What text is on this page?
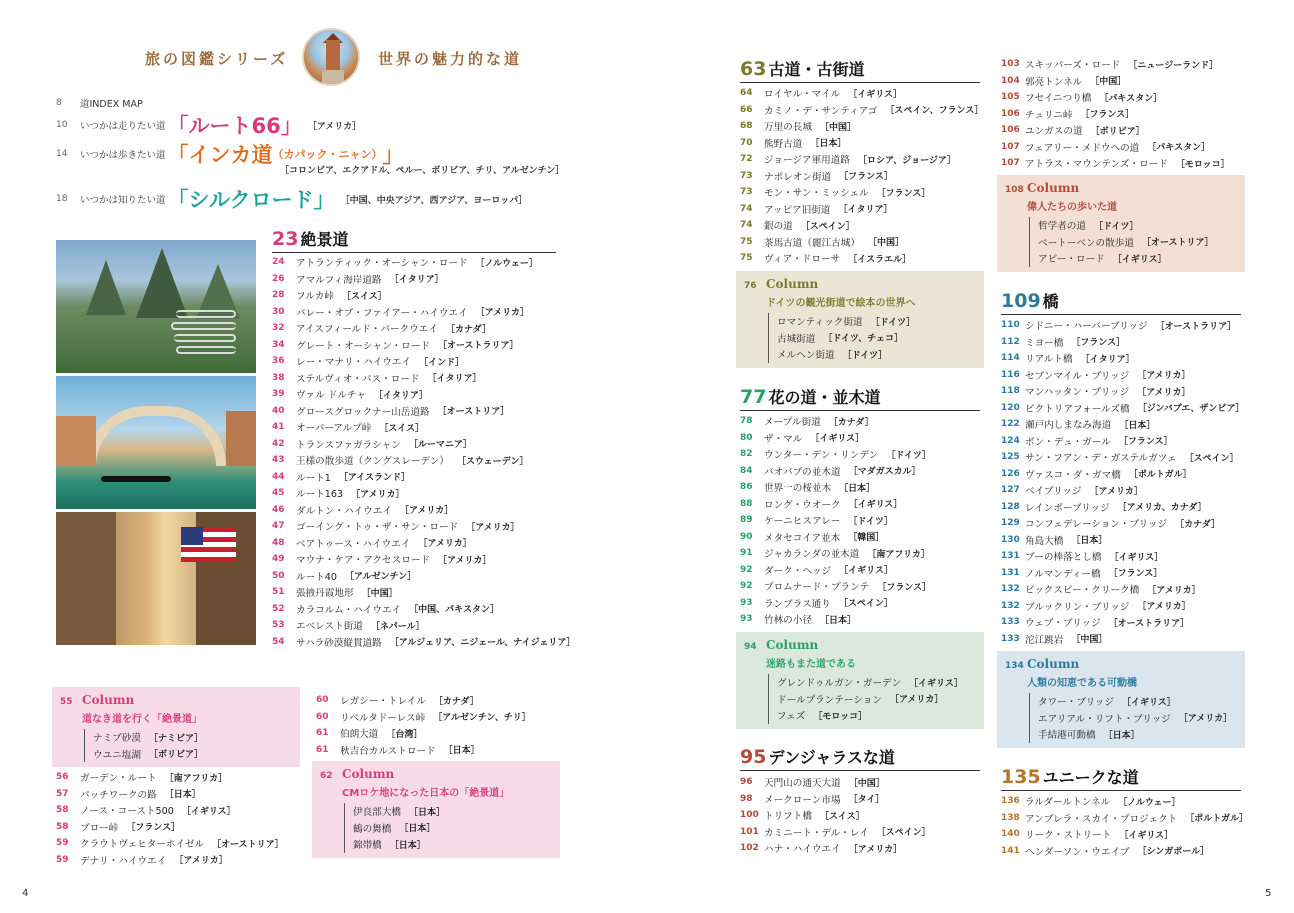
旅の図鑑シリーズ	世界の魅力的な道
8	道INDEX MAP
10	いつかは走りたい道 「ルート66」 ［アメリカ］
14	いつかは歩きたい道 「インカ道 （カパック・ニャン） 」
［コロンビア、エクアドル、ペルー、ボリビア、チリ、アルゼンチン］
18	いつかは知りたい道 「シルクロード」 ［中国、中央アジア、西アジア、ヨーロッパ］
23 絶景道
24	アトランティック・オーシャン・ロード ［ノルウェー］
26	アマルフィ海岸道路 ［イタリア］
28	フルカ峠 ［スイス］
30	バレー・オブ・ファイアー・ハイウエイ ［アメリカ］
32	アイスフィールド・パークウエイ ［カナダ］
34	グレート・オーシャン・ロード ［オーストラリア］
36	レー・マナリ・ハイウエイ ［インド］
38	ステルヴィオ・パス・ロード ［イタリア］
39	ヴァル ドルチャ ［イタリア］
40	グロースグロックナー山岳道路 ［オーストリア］
41	オーバーアルプ峠 ［スイス］
42	トランスファガラシャン ［ルーマニア］
43	王様の散歩道（クングスレーデン） ［スウェーデン］
44	ルート1 ［アイスランド］
45	ルート163 ［アメリカ］
46	ダルトン・ハイウエイ ［アメリカ］
47	ゴーイング・トゥ・ザ・サン・ロード ［アメリカ］
48	ベアトゥース・ハイウエイ ［アメリカ］
49	マウナ・ケア・アクセスロード ［アメリカ］
50	ルート40 ［アルゼンチン］
51	張掖丹霞地形 ［中国］
52	カラコルム・ハイウエイ ［中国、パキスタン］
53	エベレスト街道 ［ネパール］
54	サハラ砂漠縦貫道路 ［アルジェリア、ニジェール、ナイジェリア］
55 Column
道なき道を行く「絶景道」
ナミブ砂漠 ［ナミビア］
ウユニ塩湖 ［ボリビア］
56	ガーデン・ルート ［南アフリカ］
57	パッチワークの路 ［日本］
58	ノース・コースト500 ［イギリス］
58	ブロー峠 ［フランス］
59	クラウトヴェヒターホイゼル ［オーストリア］
59	デナリ・ハイウエイ ［アメリカ］
60	レガシー・トレイル ［カナダ］
60	リベルタドーレス峠 ［アルゼンチン、チリ］
61	伯朗大道 ［台湾］
61	秋吉台カルストロード ［日本］
62 Column
CMロケ地になった日本の「絶景道」
伊良部大橋 ［日本］
鶴の舞橋 ［日本］
錦帯橋 ［日本］
4
63 古道・古街道
64	ロイヤル・マイル ［イギリス］
66	カミノ・デ・サンティアゴ ［スペイン、フランス］
68	万里の長城 ［中国］
70	熊野古道 ［日本］
72	ジョージア軍用道路 ［ロシア、ジョージア］
73	ナポレオン街道 ［フランス］
73	モン・サン・ミッシェル ［フランス］
74	アッピア旧街道 ［イタリア］
74	銀の道 ［スペイン］
75	茶馬古道（麗江古城） ［中国］
75	ヴィア・ドローサ ［イスラエル］
76 Column
ドイツの観光街道で絵本の世界へ
ロマンティック街道 ［ドイツ］
古城街道 ［ドイツ、チェコ］
メルヘン街道 ［ドイツ］
77 花の道・並木道
78	メープル街道 ［カナダ］
80	ザ・マル ［イギリス］
82	ウンター・デン・リンデン ［ドイツ］
84	バオバブの並木道 ［マダガスカル］
86	世界一の桜並木 ［日本］
88	ロング・ウオーク ［イギリス］
89	ケーニヒスアレー ［ドイツ］
90	メタセコイア並木 ［韓国］
91	ジャカランダの並木道 ［南アフリカ］
92	ダーク・ヘッジ ［イギリス］
92	プロムナード・プランテ ［フランス］
93	ランブラス通り ［スペイン］
93	竹林の小径 ［日本］
94 Column
迷路もまた道である
グレンドゥルガン・ガーデン ［イギリス］
ドールプランテーション ［アメリカ］
フェズ ［モロッコ］
95 デンジャラスな道
96	天門山の通天大道 ［中国］
98	メークローン市場 ［タイ］
100 トリフト橋 ［スイス］
101 カミニート・デル・レイ ［スペイン］
102 ハナ・ハイウエイ ［アメリカ］
103 スキッパーズ・ロード ［ニュージーランド］
104 郭亮トンネル ［中国］
105 フセイニつり橋 ［パキスタン］
106 チュリニ峠 ［フランス］
106 ユンガスの道 ［ボリビア］
107 フェアリー・メドウへの道 ［パキスタン］
107 アトラス・マウンテンズ・ロード ［モロッコ］
108 Column
偉人たちの歩いた道
哲学者の道 ［ドイツ］
ベートーベンの散歩道 ［オーストリア］
アビー・ロード ［イギリス］
109 橋
110 シドニー・ハーバーブリッジ ［オーストラリア］
112 ミヨー橋 ［フランス］
114 リアルト橋 ［イタリア］
116 セブンマイル・ブリッジ ［アメリカ］
118 マンハッタン・ブリッジ ［アメリカ］
120 ビクトリアフォールズ橋 ［ジンバブエ、ザンビア］
122 瀬戸内しまなみ海道 ［日本］
124 ポン・デュ・ガール ［フランス］
125 サン・フアン・デ・ガステルガツェ ［スペイン］
126 ヴァスコ・ダ・ガマ橋 ［ポルトガル］
127 ベイブリッジ ［アメリカ］
128 レインボーブリッジ ［アメリカ、カナダ］
129 コンフェデレーション・ブリッジ ［カナダ］
130 角島大橋 ［日本］
131 ブーの棒落とし橋 ［イギリス］
131 ノルマンディー橋 ［フランス］
132 ビックスビー・クリーク橋 ［アメリカ］
132 ブルックリン・ブリッジ ［アメリカ］
133 ウェブ・ブリッジ ［オーストラリア］
133 沱江跳岩 ［中国］
134 Column
人類の知恵である可動橋
タワー・ブリッジ ［イギリス］
エアリアル・リフト・ブリッジ ［アメリカ］
手結港可動橋 ［日本］
135 ユニークな道
136 ラルダールトンネル ［ノルウェー］
138 アンブレラ・スカイ・プロジェクト ［ポルトガル］
140 リーク・ストリート ［イギリス］
141 ヘンダーソン・ウエイブ ［シンガポール］
5
